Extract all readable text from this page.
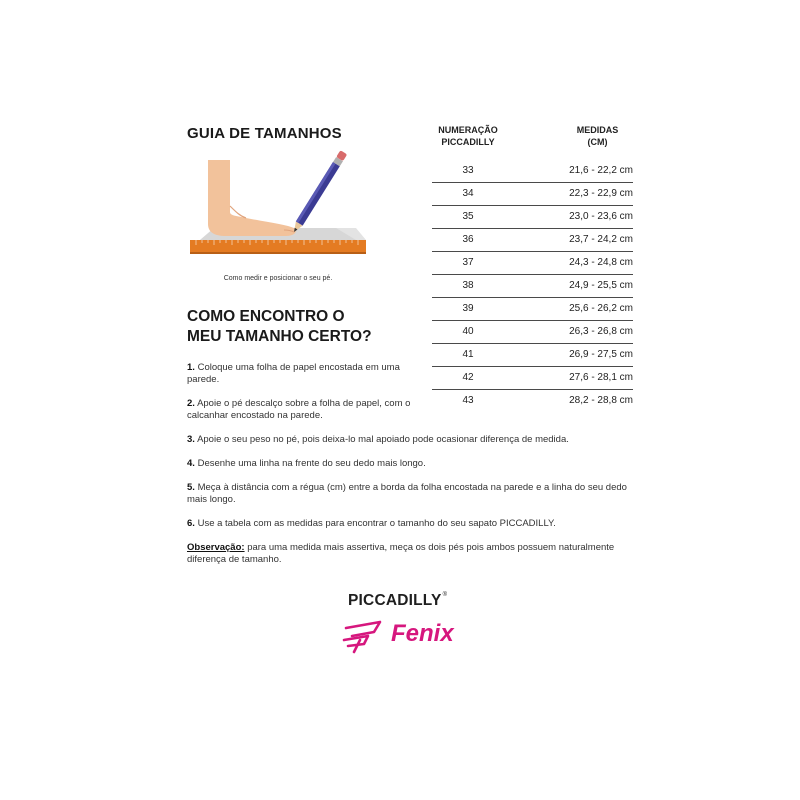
GUIA DE TAMANHOS
Como medir e posicionar o seu pé.
COMO ENCONTRO O
MEU TAMANHO CERTO?
1. Coloque uma folha de papel encostada em uma parede.
2. Apoie o pé descalço sobre a folha de papel, com o calcanhar encostado na parede.
3. Apoie o seu peso no pé, pois deixa-lo mal apoiado pode ocasionar diferença de medida.
4. Desenhe uma linha na frente do seu dedo mais longo.
5. Meça à distância com a régua (cm) entre a borda da folha encostada na parede e a linha do seu dedo mais longo.
6. Use a tabela com as medidas para encontrar o tamanho do seu sapato PICCADILLY.
Observação: para uma medida mais assertiva, meça os dois pés pois ambos possuem naturalmente diferença de tamanho.
NUMERAÇÃO
PICCADILLY
MEDIDAS
(CM)
33	21,6 - 22,2 cm
34	22,3 - 22,9 cm
35	23,0 - 23,6 cm
36	23,7 - 24,2 cm
37	24,3 - 24,8 cm
38	24,9 - 25,5 cm
39	25,6 - 26,2 cm
40	26,3 - 26,8 cm
41	26,9 - 27,5 cm
42	27,6 - 28,1 cm
43	28,2 - 28,8 cm
PICCADILLY®
Fenix
